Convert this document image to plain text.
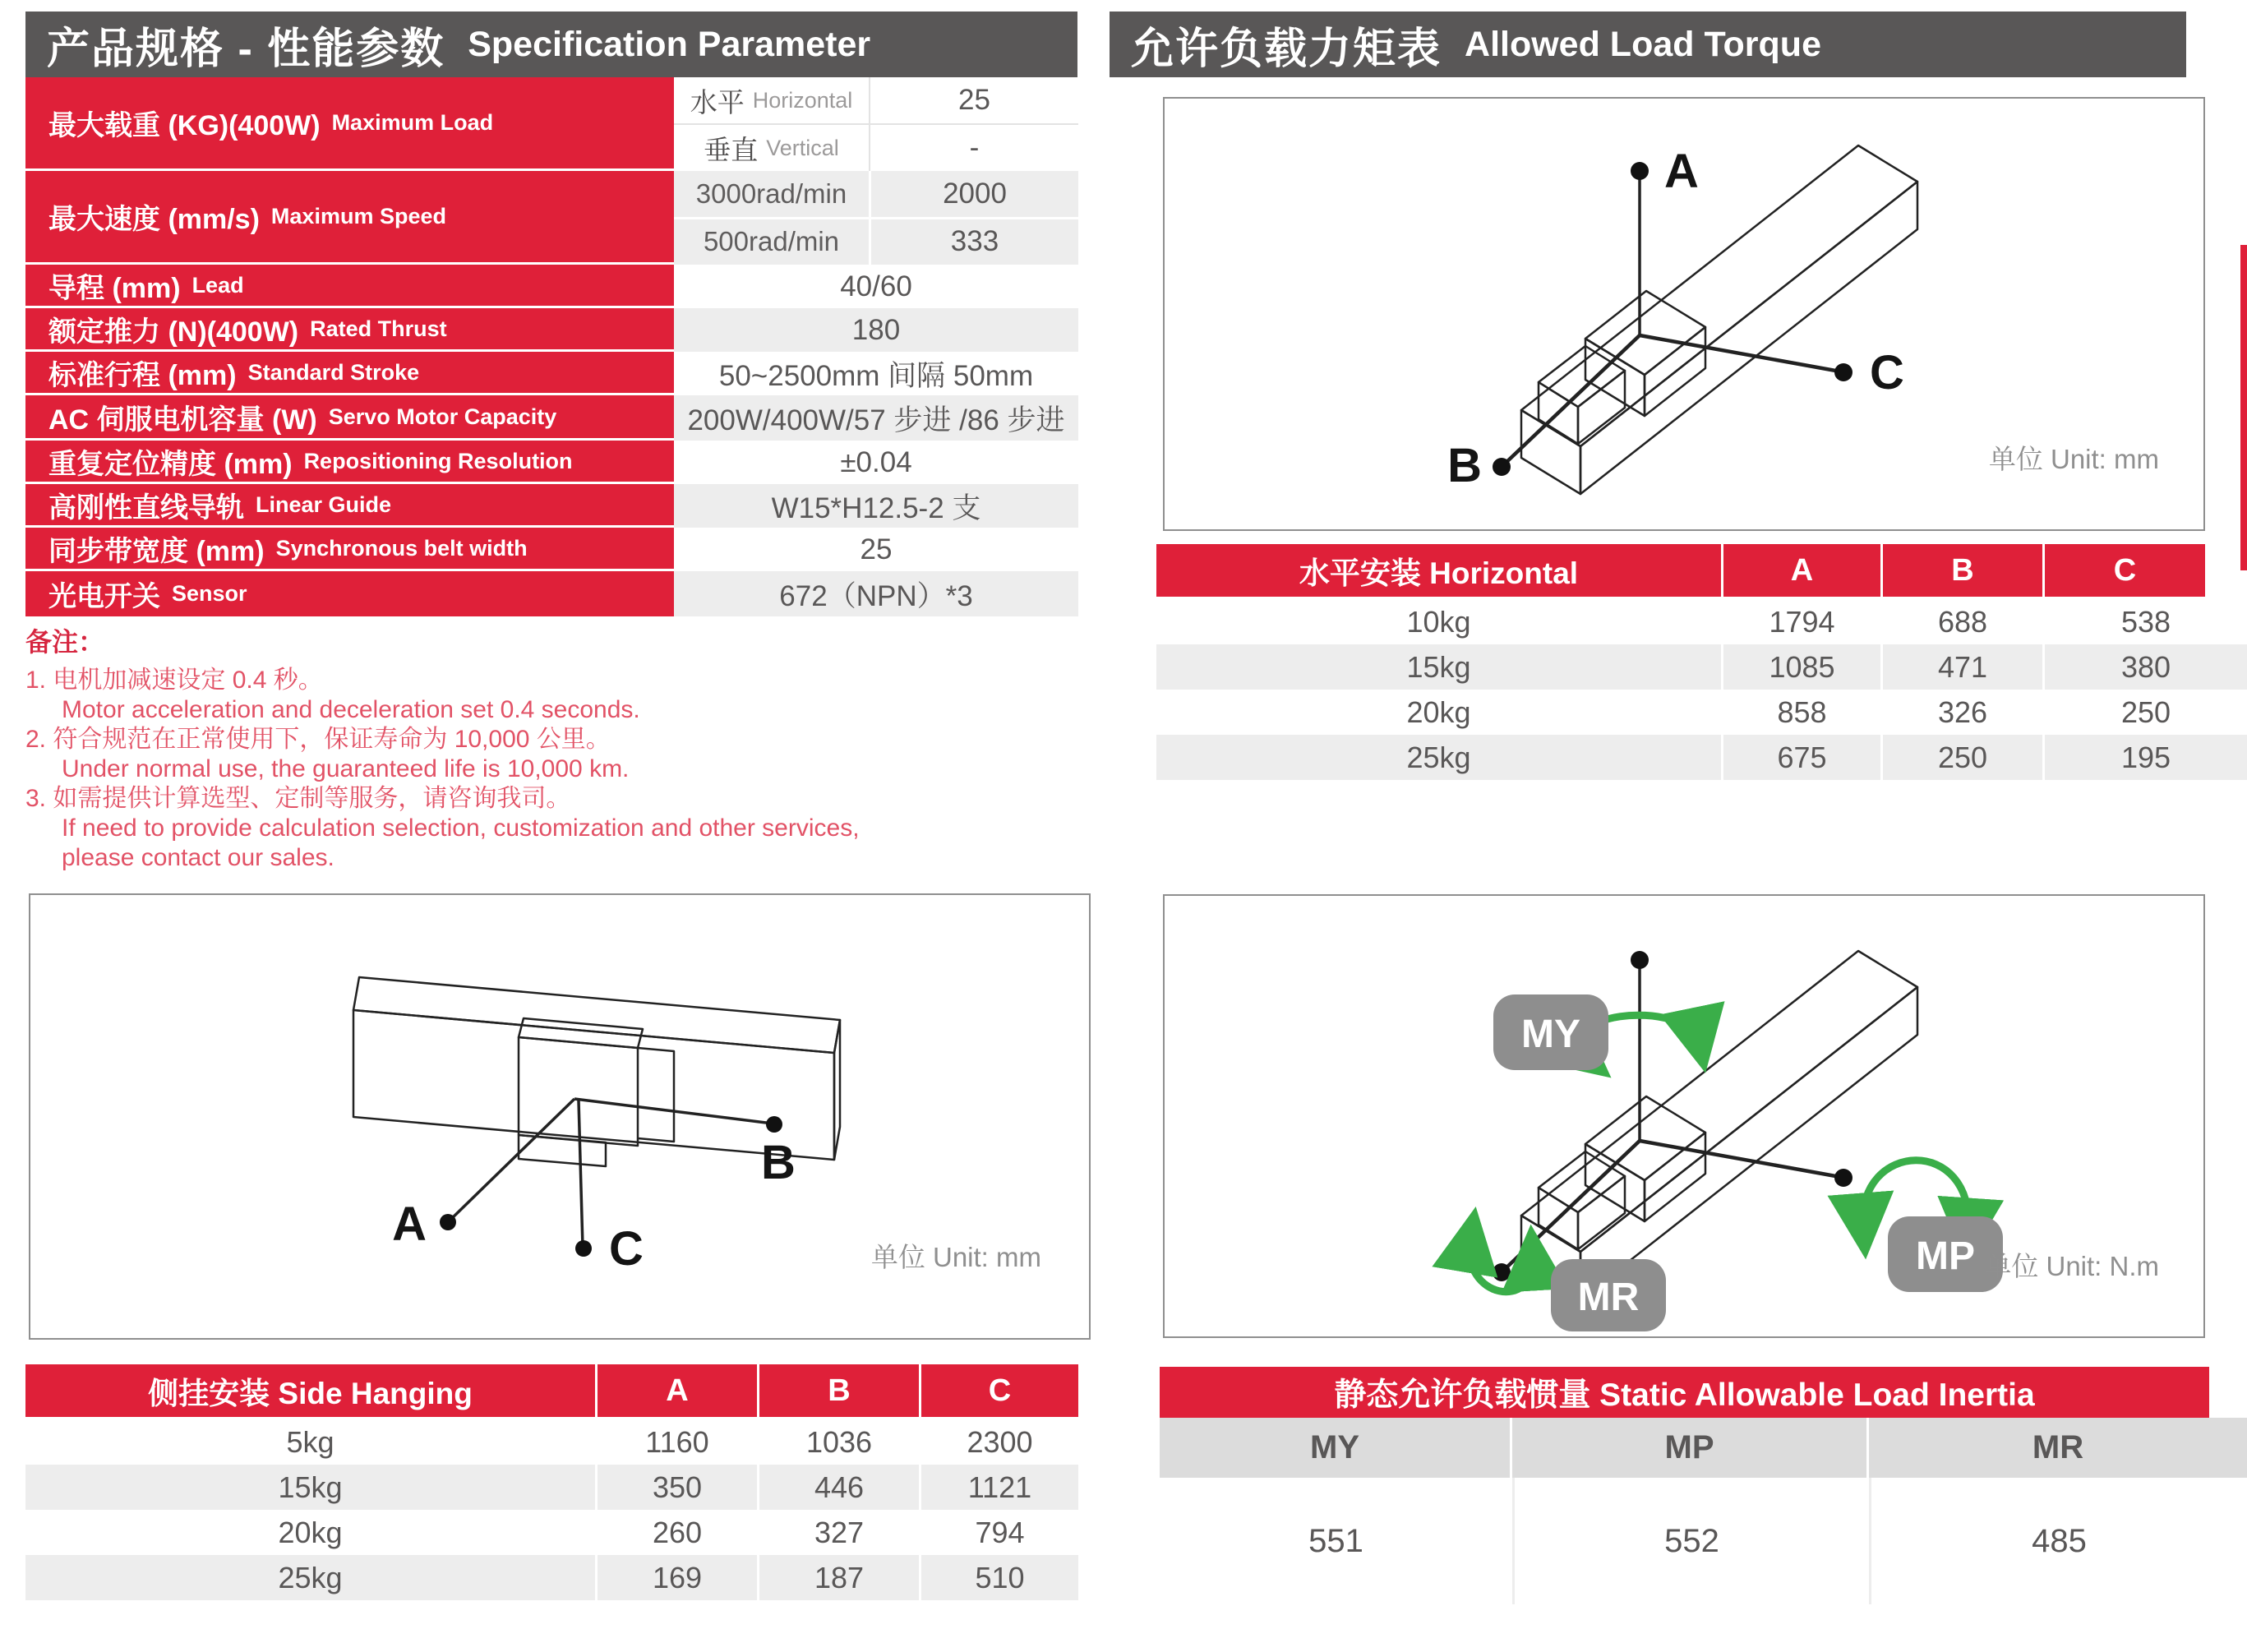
产品规格 - 性能参数 Specification Parameter
最大载重 (KG)(400W) Maximum Load
水平 Horizontal	25
垂直 Vertical	-
最大速度 (mm/s) Maximum Speed
3000rad/min	2000
500rad/min	333
导程 (mm) Lead	40/60
额定推力 (N)(400W) Rated Thrust	180
标准行程 (mm) Standard Stroke	50~2500mm 间隔 50mm
AC 伺服电机容量 (W) Servo Motor Capacity	200W/400W/57 步进 /86 步进
重复定位精度 (mm) Repositioning Resolution	±0.04
高刚性直线导轨 Linear Guide	W15*H12.5-2 支
同步带宽度 (mm) Synchronous belt width	25
光电开关 Sensor	672（NPN）*3
备注：
1. 电机加减速设定 0.4 秒。
Motor acceleration and deceleration set 0.4 seconds.
2. 符合规范在正常使用下，保证寿命为 10,000 公里。
Under normal use, the guaranteed life is 10,000 km.
3. 如需提供计算选型、定制等服务，请咨询我司。
If need to provide calculation selection, customization and other services,
please contact our sales.
A
B
C	单位 Unit: mm
侧挂安装 Side Hanging	A	B	C
5kg	1160	1036	2300
15kg	350	446	1121
20kg	260	327	794
25kg	169	187	510
允许负载力矩表 Allowed Load Torque
A
B
C
单位 Unit: mm
水平安装 Horizontal	A	B	C
10kg	1794	688	538
15kg	1085	471	380
20kg	858	326	250
25kg	675	250	195
MY
MP
MR
单位 Unit: N.m
静态允许负载惯量 Static Allowable Load Inertia
MY	MP	MR
551	552	485
